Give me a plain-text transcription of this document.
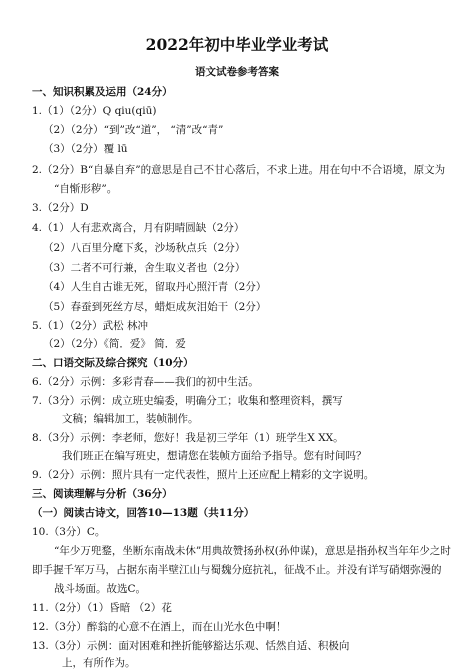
2022年初中毕业学业考试
语文试卷参考答案
一、知识积累及运用（24分）
1.（1）（2分）Q qiu(qiū)
（2）（2分）“到”改“道”， “清”改“青”
（3）（2分）覆 lū
2.（2分）B“自暴自弃”的意思是自己不甘心落后，不求上进。用在句中不合语境，原文为
“自惭形秽”。
3.（2分）D
4.（1）人有悲欢离合，月有阴晴圆缺（2分）
（2）八百里分麾下炙，沙场秋点兵（2分）
（3）二者不可行兼，舍生取义者也（2分）
（4）人生自古谁无死，留取丹心照汗青（2分）
（5）春蚕到死丝方尽，蜡炬成灰泪始干（2分）
5.（1）（2分）武松 林冲
（2）（2分）《简．爱》 简．爱
二、口语交际及综合探究（10分）
6.（2分）示例：多彩青春——我们的初中生活。
7.（3分）示例：成立班史编委，明确分工；收集和整理资料，撰写
文稿；编辑加工，装帧制作。
8.（3分）示例：李老师，您好！我是初三学年（1）班学生X XX。
我们班正在编写班史，想请您在装帧方面给予指导。您有时间吗？
9.（2分）示例：照片具有一定代表性，照片上还应配上精彩的文字说明。
三、阅读理解与分析（36分）
（一）阅读古诗文，回答10—13题（共11分）
10.（3分）C。
“年少万兜鍪，坐断东南战未休”用典故赞扬孙权(孙仲谋)，意思是指孙权当年年少之时
即手握千军万马，占据东南半壁江山与蜀魏分庭抗礼，征战不止。并没有详写硝烟弥漫的
战斗场面。故选C。
11.（2分）（1）昏暗 （2）花
12.（3分）醉翁的心意不在酒上，而在山光水色中啊！
13.（3分）示例：面对困难和挫折能够豁达乐观、恬然自适、积极向
上，有所作为。
